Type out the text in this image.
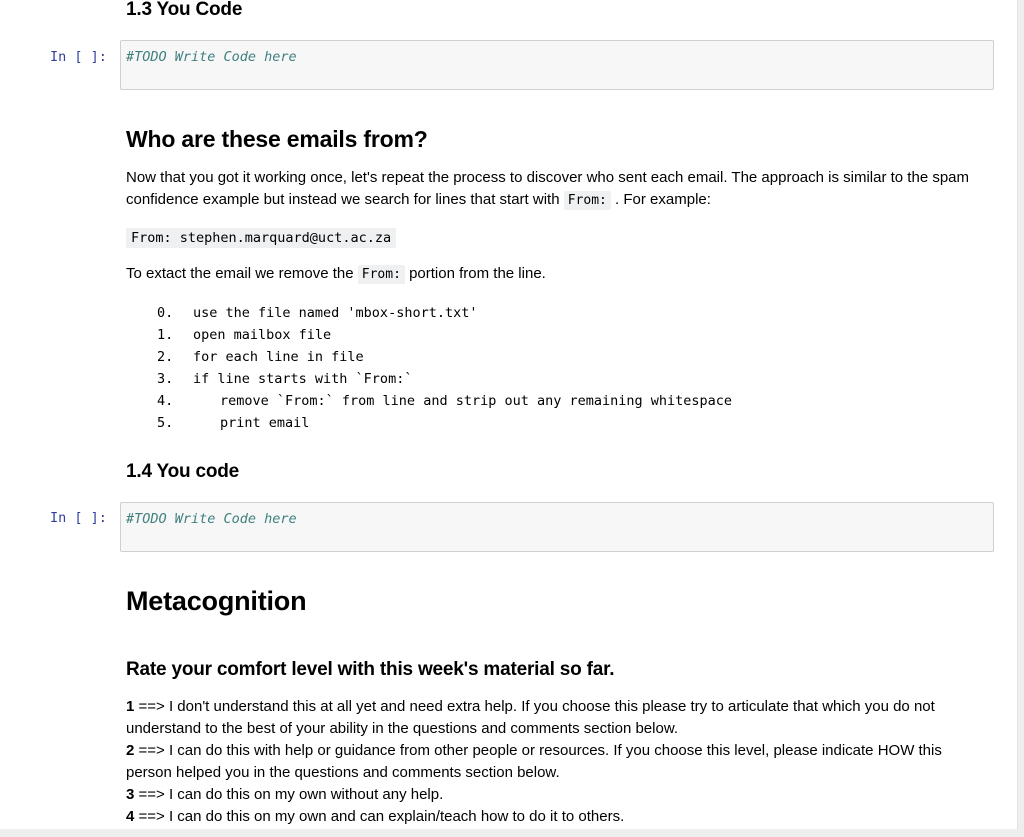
1.3 You Code

In [ ]:	#TODO Write Code here

Who are these emails from?

Now that you got it working once, let's repeat the process to discover who sent each email. The approach is similar to the spam confidence example but instead we search for lines that start with From: . For example:

From: stephen.marquard@uct.ac.za

To extact the email we remove the From: portion from the line.

0. use the file named 'mbox-short.txt'
1. open mailbox file
2. for each line in file
3. if line starts with `From:`
4.	remove `From:` from line and strip out any remaining whitespace
5.	print email

1.4 You code

In [ ]:	#TODO Write Code here

Metacognition

Rate your comfort level with this week's material so far.

1 ==> I don't understand this at all yet and need extra help. If you choose this please try to articulate that which you do not understand to the best of your ability in the questions and comments section below.
2 ==> I can do this with help or guidance from other people or resources. If you choose this level, please indicate HOW this person helped you in the questions and comments section below.
3 ==> I can do this on my own without any help.
4 ==> I can do this on my own and can explain/teach how to do it to others.
